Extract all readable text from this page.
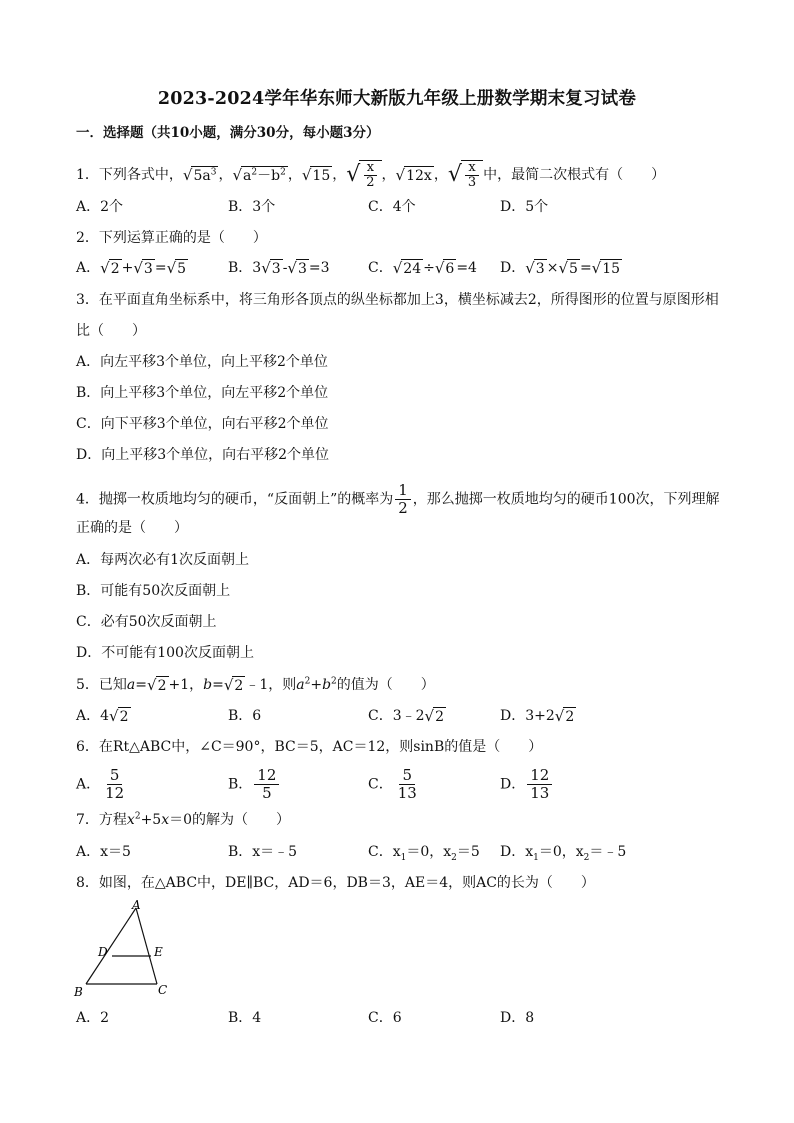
2023-2024学年华东师大新版九年级上册数学期末复习试卷
一．选择题（共10小题，满分30分，每小题3分）
1．下列各式中， √ $5a^3$ ， √ $a^2-b^2$ ， √ 15 ， √ $\frac{x}{2}$ ， √ 12x ， √ $\frac{x}{3}$ 中，最简二次根式有（　　）
A．2个	B．3个	C．4个	D．5个
2．下列运算正确的是（　　）
A． √ 2 + √ 3 = √ 5	B．3 √ 3 - √ 3 =3	C． √ 24 ÷ √ 6 =4 D． √ 3 × √ 5 = √ 15
3．在平面直角坐标系中，将三角形各顶点的纵坐标都加上3，横坐标减去2，所得图形的位置与原图形相
比（　　）
A．向左平移3个单位，向上平移2个单位
B．向上平移3个单位，向左平移2个单位
C．向下平移3个单位，向右平移2个单位
D．向上平移3个单位，向右平移2个单位
4．抛掷一枚质地均匀的硬币，“反面朝上”的概率为 $\frac{1}{2}$ ，那么抛掷一枚质地均匀的硬币100次，下列理解
正确的是（　　）
A．每两次必有1次反面朝上
B．可能有50次反面朝上
C．必有50次反面朝上
D．不可能有100次反面朝上
5．已知a= √ 2 +1，b= √ 2 ﹣1，则$a^2+b^2$的值为（　　）
A．4 √ 2	B．6	C．3﹣2 √ 2	D．3+2 √ 2
6．在Rt△ABC中，∠C＝90°，BC＝5，AC＝12，则sinB的值是（　　）
A． $\frac{5}{12}$	B． $\frac{12}{5}$	C． $\frac{5}{13}$	D． $\frac{12}{13}$
7．方程$x^2+5x=0$的解为（　　）
A．x＝5	B．x＝﹣5	C．$x_1=0$，$x_2=5$ D．$x_1=0$，$x_2=﹣5$
8．如图，在△ABC中，DE∥BC，AD＝6，DB＝3，AE＝4，则AC的长为（　　）
A
D	E
B	C
A．2	B．4	C．6	D．8
